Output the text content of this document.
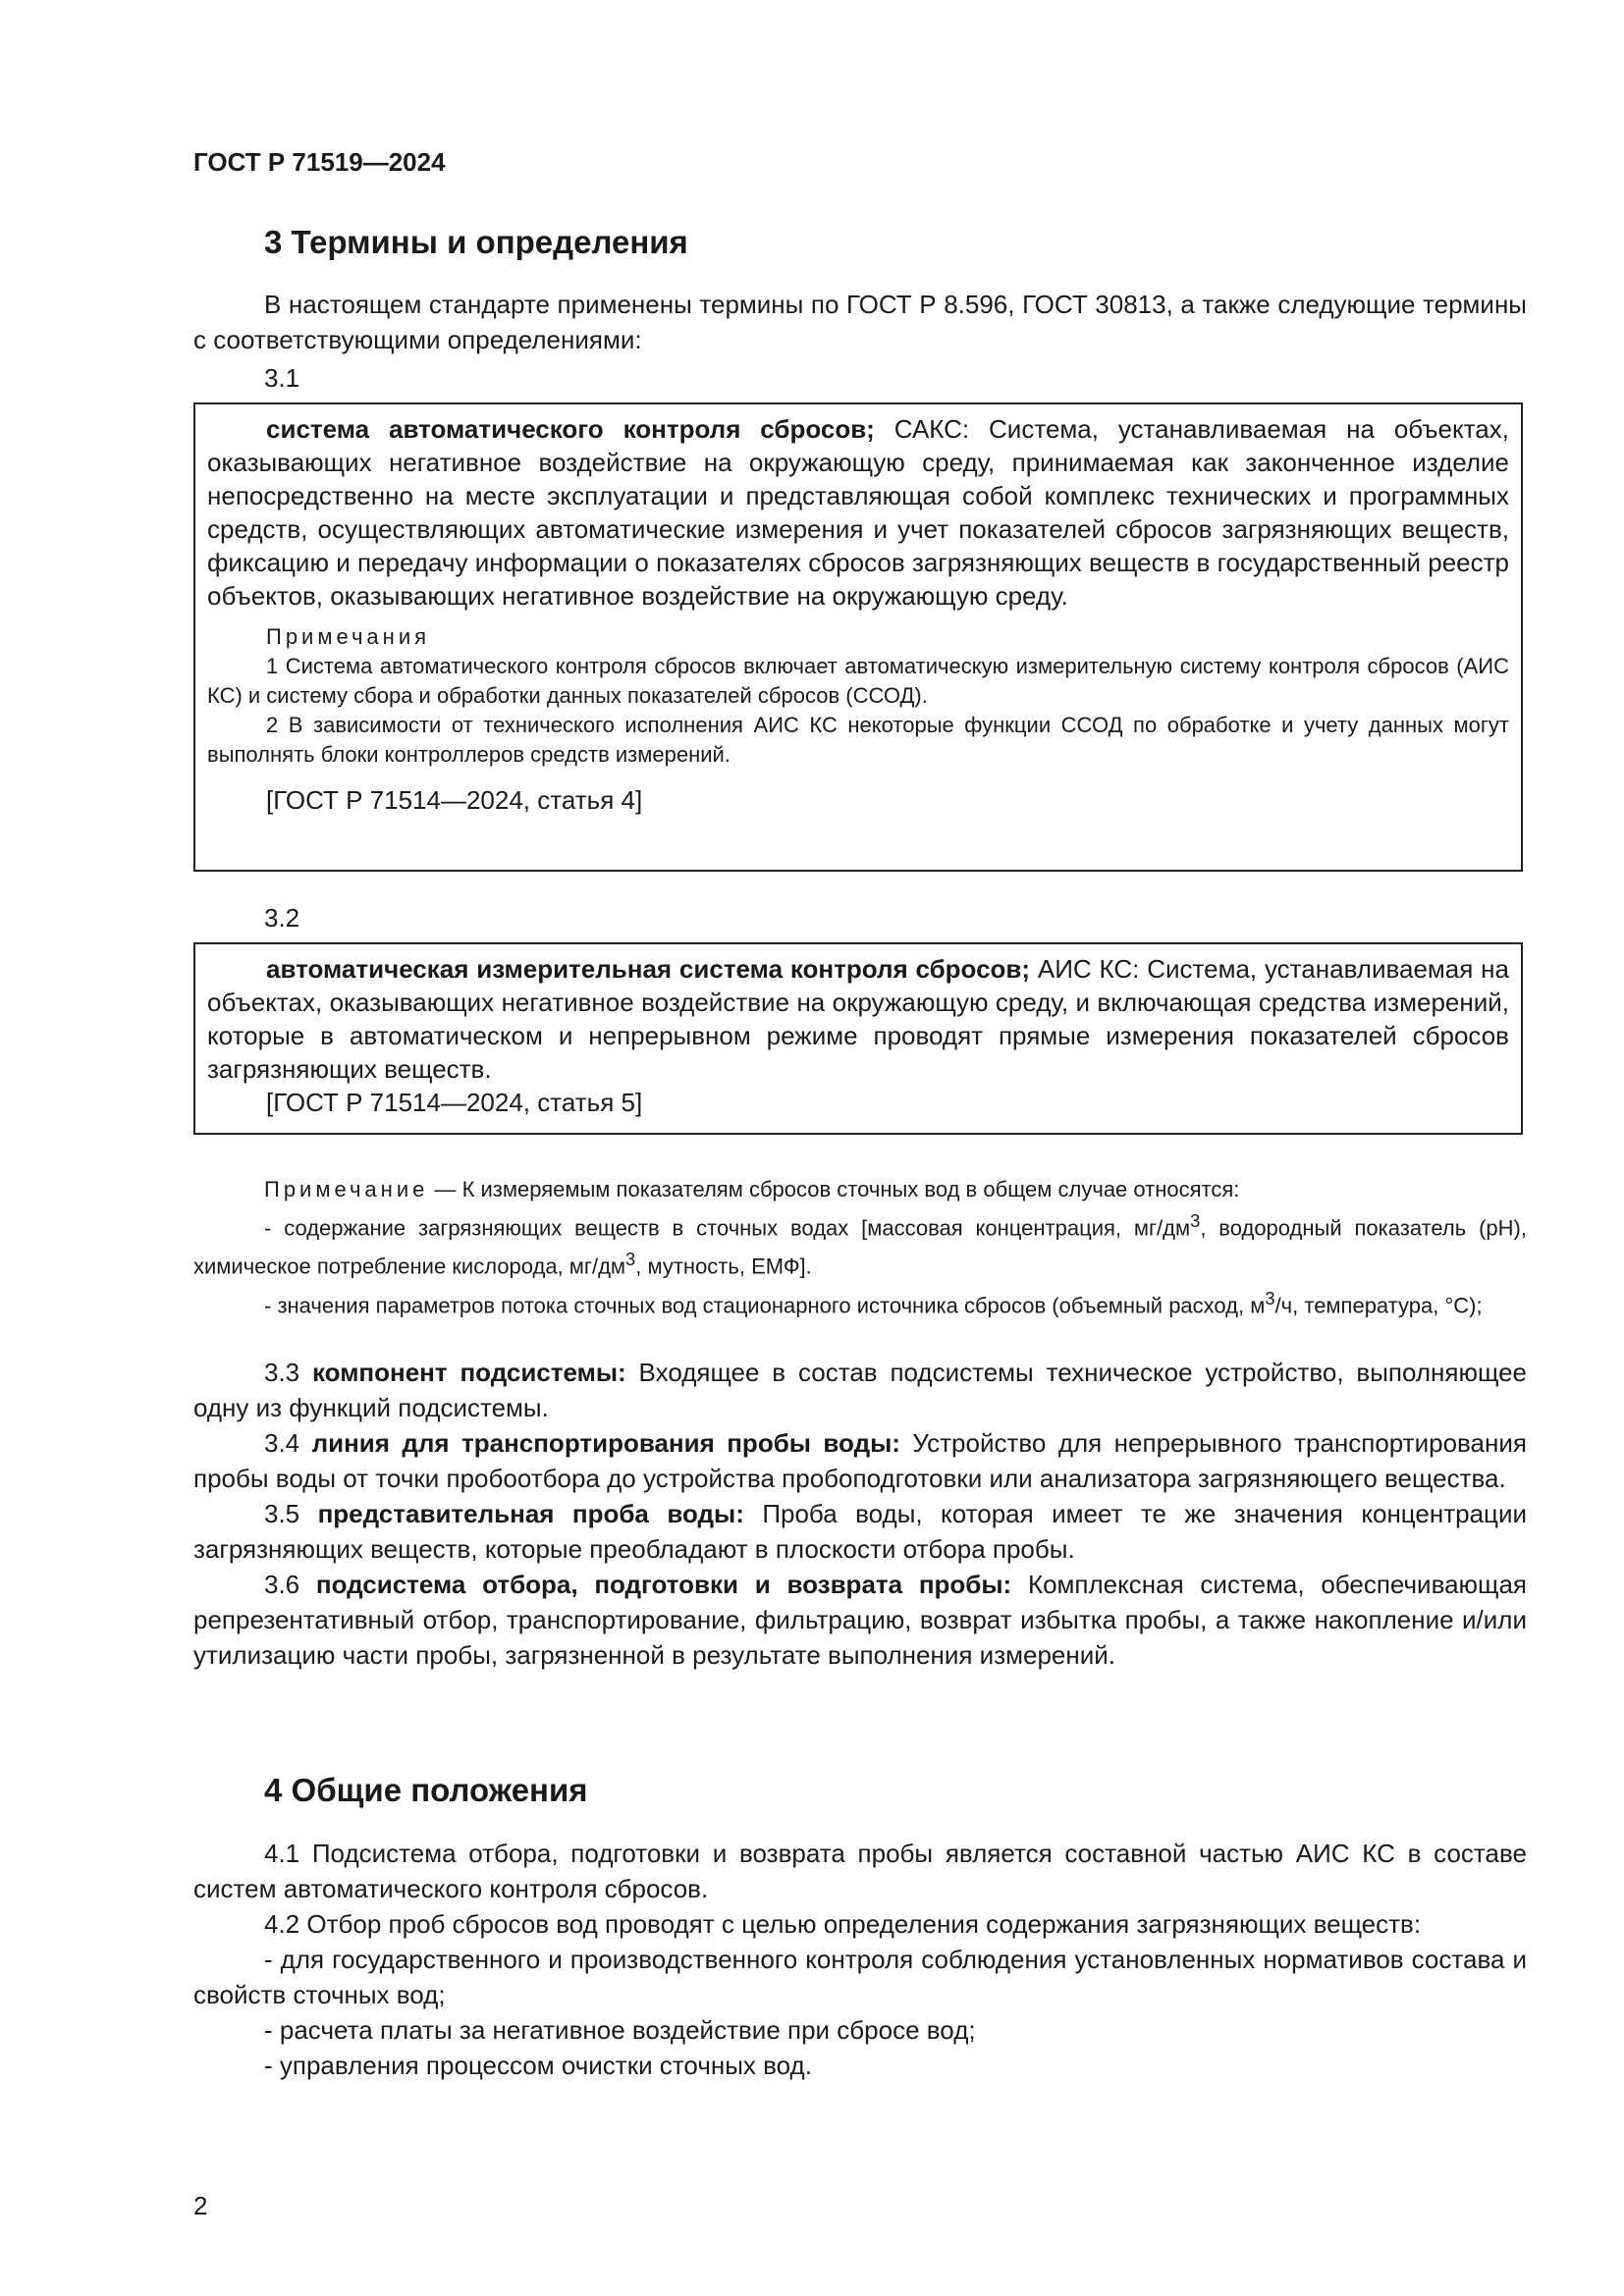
ГОСТ Р 71519—2024
3 Термины и определения

В настоящем стандарте применены термины по ГОСТ Р 8.596, ГОСТ 30813, а также следующие термины с соответствующими определениями:

3.1

система автоматического контроля сбросов; САКС: Система, устанавливаемая на объектах, оказывающих негативное воздействие на окружающую среду, принимаемая как законченное изделие непосредственно на месте эксплуатации и представляющая собой комплекс технических и программных средств, осуществляющих автоматические измерения и учет показателей сбросов загрязняющих веществ, фиксацию и передачу информации о показателях сбросов загрязняющих веществ в государственный реестр объектов, оказывающих негативное воздействие на окружающую среду.

Примечания

1 Система автоматического контроля сбросов включает автоматическую измерительную систему контроля сбросов (АИС КС) и систему сбора и обработки данных показателей сбросов (ССОД).

2 В зависимости от технического исполнения АИС КС некоторые функции ССОД по обработке и учету данных могут выполнять блоки контроллеров средств измерений.

[ГОСТ Р 71514—2024, статья 4]

3.2

автоматическая измерительная система контроля сбросов; АИС КС: Система, устанавливаемая на объектах, оказывающих негативное воздействие на окружающую среду, и включающая средства измерений, которые в автоматическом и непрерывном режиме проводят прямые измерения показателей сбросов загрязняющих веществ.

[ГОСТ Р 71514—2024, статья 5]

Примечание — К измеряемым показателям сбросов сточных вод в общем случае относятся:

- содержание загрязняющих веществ в сточных водах [массовая концентрация, $мг/дм^3$, водородный показатель (рН), химическое потребление кислорода, $мг/дм^3$, мутность, ЕМФ].

- значения параметров потока сточных вод стационарного источника сбросов (объемный расход, $м^3/ч$, температура, °С);

3.3 компонент подсистемы: Входящее в состав подсистемы техническое устройство, выполняющее одну из функций подсистемы.

3.4 линия для транспортирования пробы воды: Устройство для непрерывного транспортирования пробы воды от точки пробоотбора до устройства пробоподготовки или анализатора загрязняющего вещества.

3.5 представительная проба воды: Проба воды, которая имеет те же значения концентрации загрязняющих веществ, которые преобладают в плоскости отбора пробы.

3.6 подсистема отбора, подготовки и возврата пробы: Комплексная система, обеспечивающая репрезентативный отбор, транспортирование, фильтрацию, возврат избытка пробы, а также накопление и/или утилизацию части пробы, загрязненной в результате выполнения измерений.

4 Общие положения

4.1 Подсистема отбора, подготовки и возврата пробы является составной частью АИС КС в составе систем автоматического контроля сбросов.

4.2 Отбор проб сбросов вод проводят с целью определения содержания загрязняющих веществ:

- для государственного и производственного контроля соблюдения установленных нормативов состава и свойств сточных вод;

- расчета платы за негативное воздействие при сбросе вод;

- управления процессом очистки сточных вод.

2
